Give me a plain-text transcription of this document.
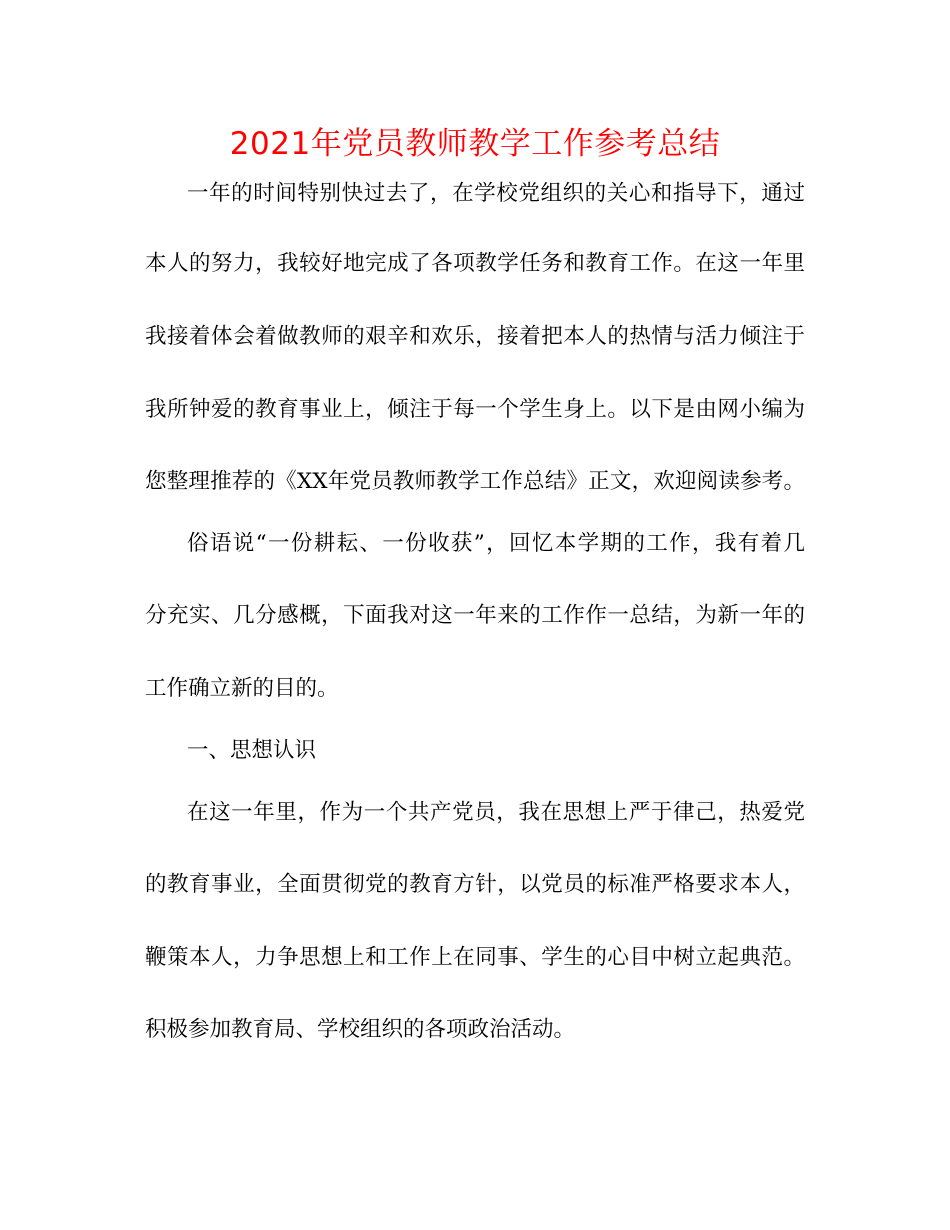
2021年党员教师教学工作参考总结

一年的时间特别快过去了，在学校党组织的关心和指导下，通过

本人的努力，我较好地完成了各项教学任务和教育工作。在这一年里

我接着体会着做教师的艰辛和欢乐，接着把本人的热情与活力倾注于

我所钟爱的教育事业上，倾注于每一个学生身上。以下是由网小编为

您整理推荐的《XX年党员教师教学工作总结》正文，欢迎阅读参考。

俗语说“一份耕耘、一份收获”，回忆本学期的工作，我有着几

分充实、几分感概，下面我对这一年来的工作作一总结，为新一年的

工作确立新的目的。

一、思想认识

在这一年里，作为一个共产党员，我在思想上严于律己，热爱党

的教育事业，全面贯彻党的教育方针，以党员的标准严格要求本人，

鞭策本人，力争思想上和工作上在同事、学生的心目中树立起典范。

积极参加教育局、学校组织的各项政治活动。
